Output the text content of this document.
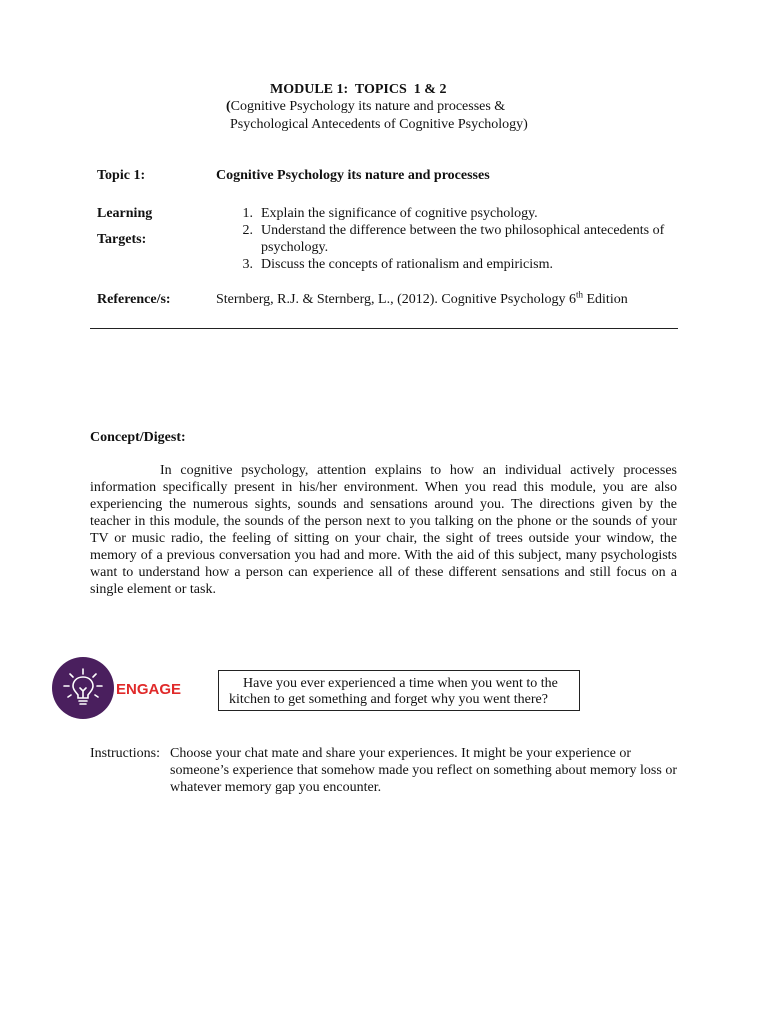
MODULE 1:  TOPICS  1 & 2
(Cognitive Psychology its nature and processes &
Psychological Antecedents of Cognitive Psychology)
Topic 1:	Cognitive Psychology its nature and processes
Learning
Targets:
1. Explain the significance of cognitive psychology.
2. Understand the difference between the two philosophical antecedents of psychology.
3. Discuss the concepts of rationalism and empiricism.
Reference/s:	Sternberg, R.J. & Sternberg, L., (2012). Cognitive Psychology 6th Edition
Concept/Digest:
In cognitive psychology, attention explains to how an individual actively processes information specifically present in his/her environment. When you read this module, you are also experiencing the numerous sights, sounds and sensations around you. The directions given by the teacher in this module, the sounds of the person next to you talking on the phone or the sounds of your TV or music radio, the feeling of sitting on your chair, the sight of trees outside your window, the memory of a previous conversation you had and more. With the aid of this subject, many psychologists want to understand how a person can experience all of these different sensations and still focus on a single element or task.
ENGAGE	Have you ever experienced a time when you went to the
kitchen to get something and forget why you went there?
Instructions: Choose your chat mate and share your experiences. It might be your experience or someone’s experience that somehow made you reflect on something about memory loss or whatever memory gap you encounter.
